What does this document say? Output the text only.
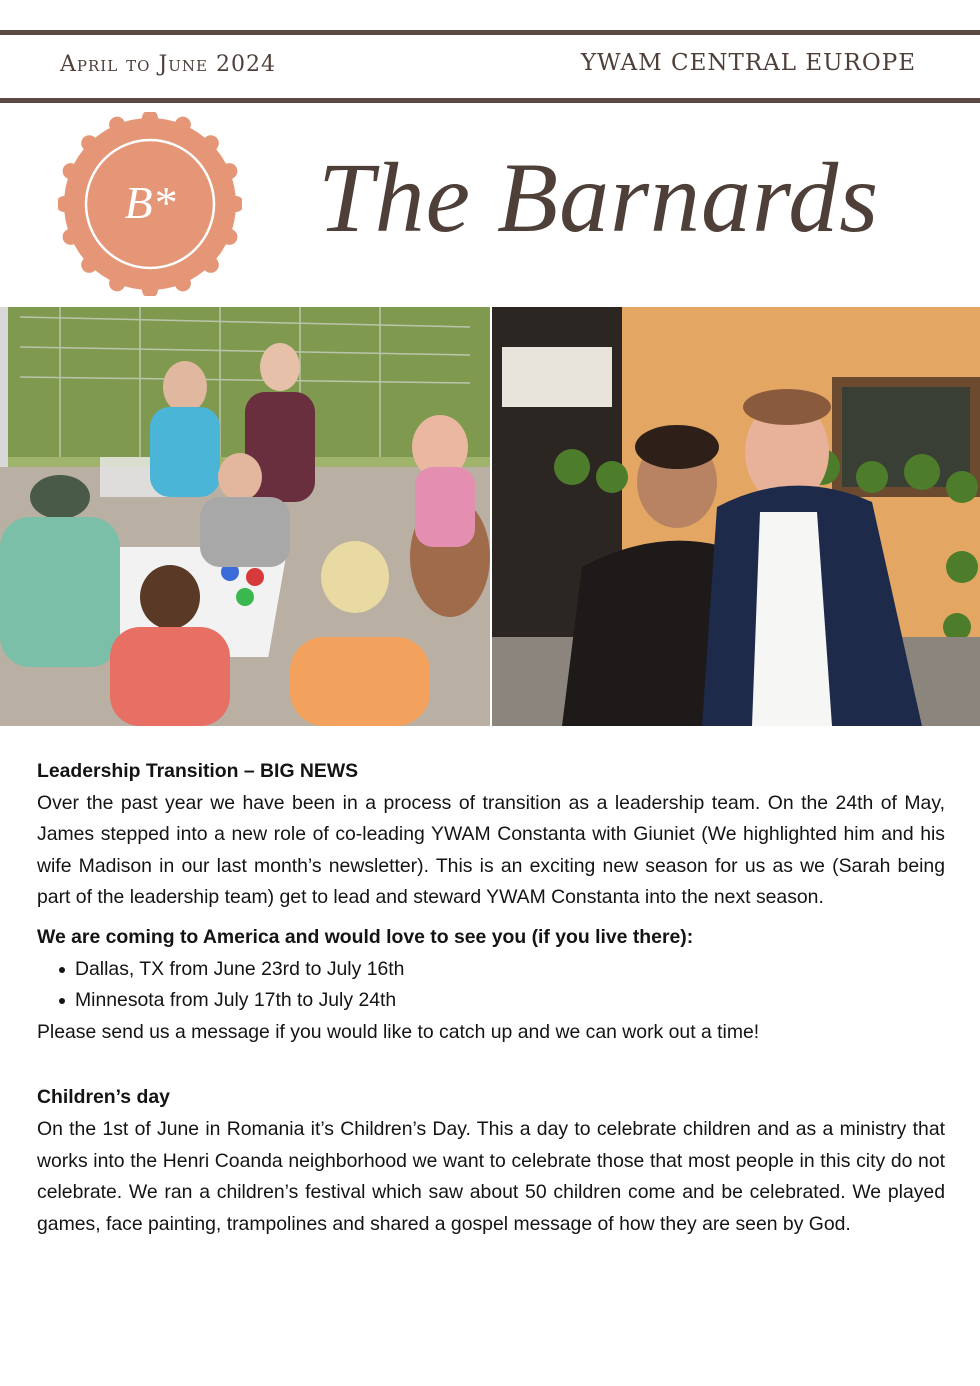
April to June 2024	YWAM CENTRAL EUROPE
B* The Barnards
Leadership Transition – BIG NEWS

Over the past year we have been in a process of transition as a leadership team. On the 24th of May, James stepped into a new role of co-leading YWAM Constanta with Giuniet (We highlighted him and his wife Madison in our last month’s newsletter). This is an exciting new season for us as we (Sarah being part of the leadership team) get to lead and steward YWAM Constanta into the next season.

We are coming to America and would love to see you (if you live there):
Dallas, TX from June 23rd to July 16th
Minnesota from July 17th to July 24th

Please send us a message if you would like to catch up and we can work out a time!

Children’s day

On the 1st of June in Romania it’s Children’s Day. This a day to celebrate children and as a ministry that works into the Henri Coanda neighborhood we want to celebrate those that most people in this city do not celebrate. We ran a children’s festival which saw about 50 children come and be celebrated. We played games, face painting, trampolines and shared a gospel message of how they are seen by God.
